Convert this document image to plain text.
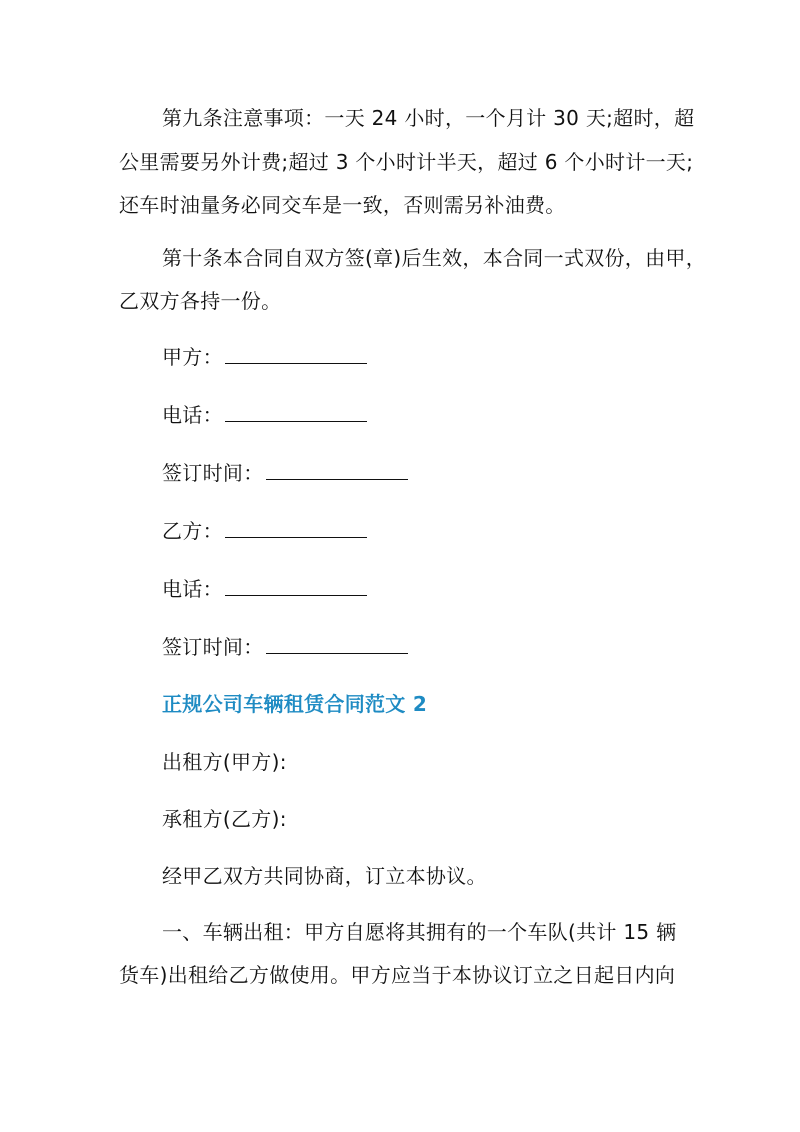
第九条注意事项：一天 24 小时，一个月计 30 天;超时，超
公里需要另外计费;超过 3 个小时计半天，超过 6 个小时计一天;
还车时油量务必同交车是一致，否则需另补油费。
第十条本合同自双方签(章)后生效，本合同一式双份，由甲，
乙双方各持一份。
甲方：
电话：
签订时间：
乙方：
电话：
签订时间：
正规公司车辆租赁合同范文 2
出租方(甲方):
承租方(乙方):
经甲乙双方共同协商，订立本协议。
一、车辆出租：甲方自愿将其拥有的一个车队(共计 15 辆
货车)出租给乙方做使用。甲方应当于本协议订立之日起日内向
